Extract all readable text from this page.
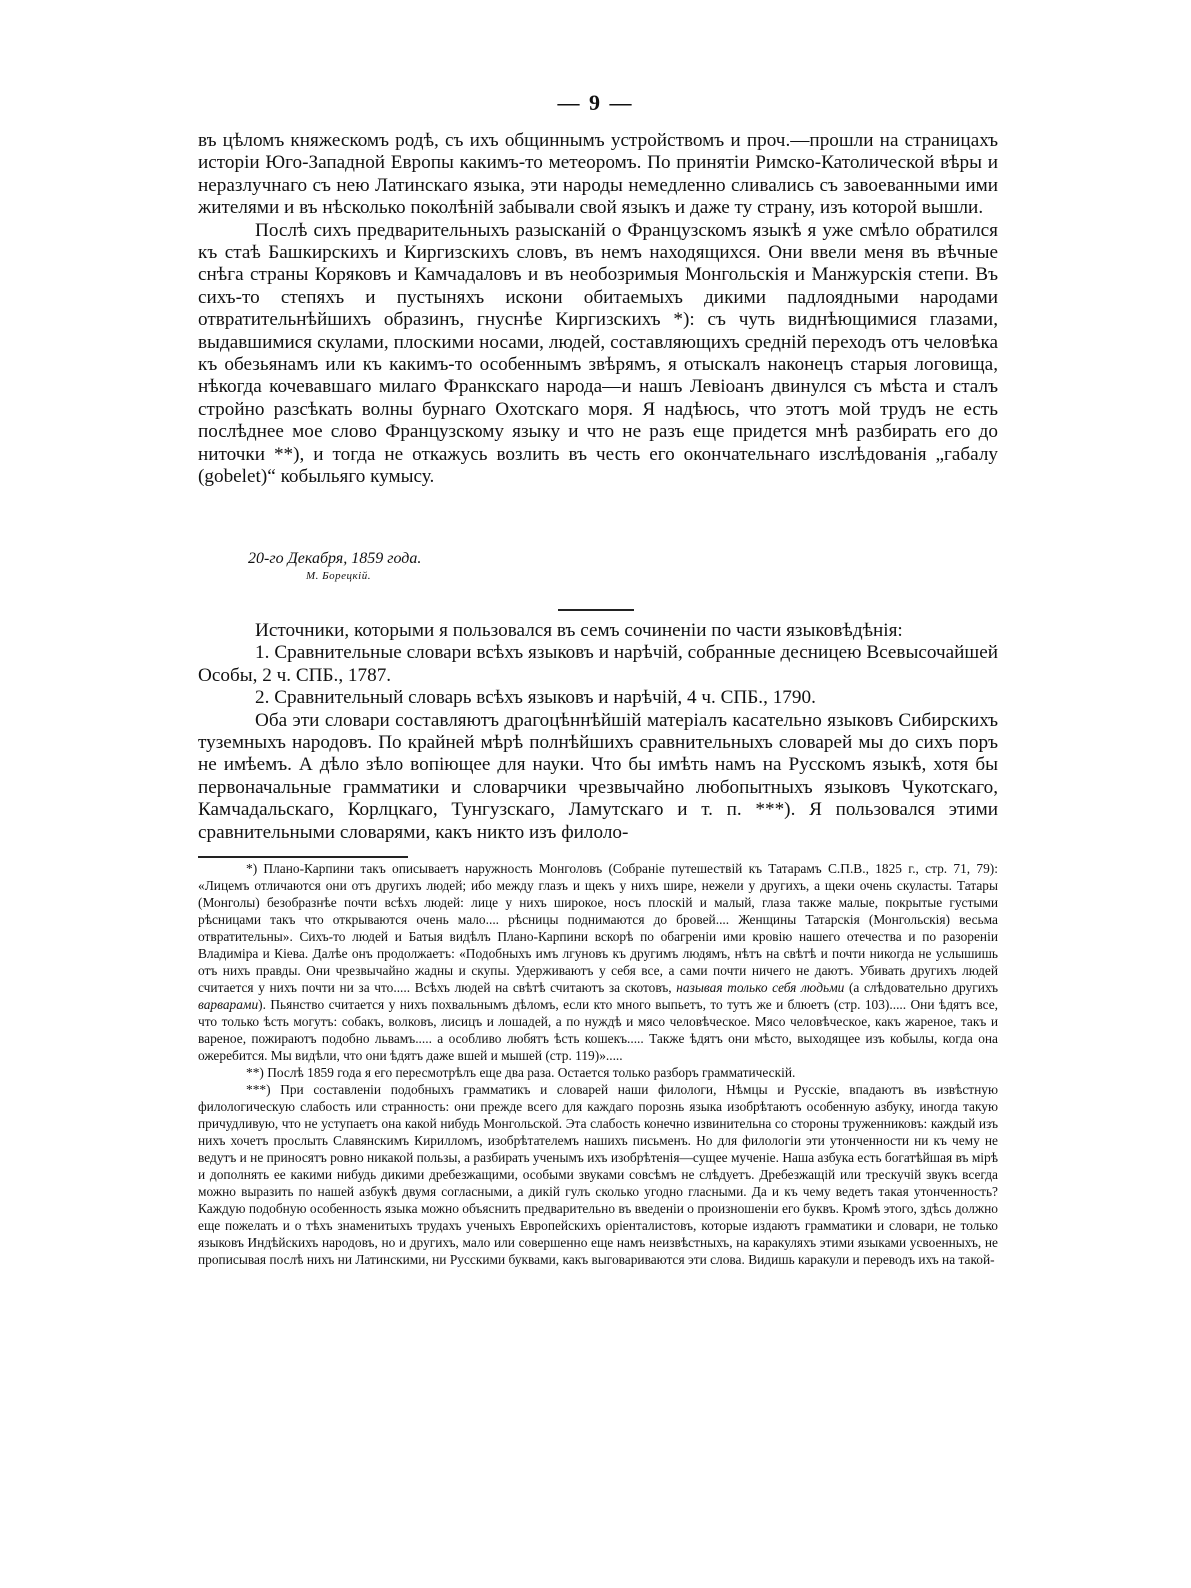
— 9 —

въ цѣломъ княжескомъ родѣ, съ ихъ общиннымъ устройствомъ и проч.—прошли на страницахъ исторіи Юго-Западной Европы какимъ-то метеоромъ. По принятіи Римско-Католической вѣры и неразлучнаго съ нею Латинскаго языка, эти народы немедленно сливались съ завоеванными ими жителями и въ нѣсколько поколѣній забывали свой языкъ и даже ту страну, изъ которой вышли.

Послѣ сихъ предварительныхъ разысканій о Французскомъ языкѣ я уже смѣло обратился къ стаѣ Башкирскихъ и Киргизскихъ словъ, въ немъ находящихся. Они ввели меня въ вѣчные снѣга страны Коряковъ и Камчадаловъ и въ необозримыя Монгольскія и Манжурскія степи. Въ сихъ-то степяхъ и пустыняхъ искони обитаемыхъ дикими падлоядными народами отвратительнѣйшихъ образинъ, гнуснѣе Киргизскихъ *): съ чуть виднѣющимися глазами, выдавшимися скулами, плоскими носами, людей, составляющихъ средній переходъ отъ человѣка къ обезьянамъ или къ какимъ-то особеннымъ звѣрямъ, я отыскалъ наконецъ старыя логовища, нѣкогда кочевавшаго милаго Франкскаго народа—и нашъ Левіоанъ двинулся съ мѣста и сталъ стройно разсѣкать волны бурнаго Охотскаго моря. Я надѣюсь, что этотъ мой трудъ не есть послѣднее мое слово Французскому языку и что не разъ еще придется мнѣ разбирать его до ниточки **), и тогда не откажусь возлить въ честь его окончательнаго изслѣдованія „габалу (gobelet)“ кобыльяго кумысу.

20-го Декабря, 1859 года.
М. Борецкій.

Источники, которыми я пользовался въ семъ сочиненіи по части языковѣдѣнія:

1. Сравнительные словари всѣхъ языковъ и нарѣчій, собранные десницею Всевысочайшей Особы, 2 ч. СПБ., 1787.

2. Сравнительный словарь всѣхъ языковъ и нарѣчій, 4 ч. СПБ., 1790.

Оба эти словари составляютъ драгоцѣннѣйшій матеріалъ касательно языковъ Сибирскихъ туземныхъ народовъ. По крайней мѣрѣ полнѣйшихъ сравнительныхъ словарей мы до сихъ поръ не имѣемъ. А дѣло зѣло вопіющее для науки. Что бы имѣть намъ на Русскомъ языкѣ, хотя бы первоначальные грамматики и словарчики чрезвычайно любопытныхъ языковъ Чукотскаго, Камчадальскаго, Корлцкаго, Тунгузскаго, Ламутскаго и т. п. ***). Я пользовался этими сравнительными словарями, какъ никто изъ филоло-

*) Плано-Карпини такъ описываетъ наружность Монголовъ (Собраніе путешествій къ Татарамъ С.П.В., 1825 г., стр. 71, 79): «Лицемъ отличаются они отъ другихъ людей; ибо между глазъ и щекъ у нихъ шире, нежели у другихъ, а щеки очень скуласты. Татары (Монголы) безобразнѣе почти всѣхъ людей: лице у нихъ широкое, носъ плоскій и малый, глаза также малые, покрытые густыми рѣсницами такъ что открываются очень мало.... рѣсницы поднимаются до бровей.... Женщины Татарскія (Монгольскія) весьма отвратительны». Сихъ-то людей и Батыя видѣлъ Плано-Карпини вскорѣ по обагреніи ими кровію нашего отечества и по разореніи Владиміра и Кіева. Далѣе онъ продолжаетъ: «Подобныхъ имъ лгуновъ къ другимъ людямъ, нѣтъ на свѣтѣ и почти никогда не услышишь отъ нихъ правды. Они чрезвычайно жадны и скупы. Удерживаютъ у себя все, а сами почти ничего не даютъ. Убивать другихъ людей считается у нихъ почти ни за что..... Всѣхъ людей на свѣтѣ считаютъ за скотовъ, называя только себя людьми (а слѣдовательно другихъ варварами). Пьянство считается у нихъ похвальнымъ дѣломъ, если кто много выпьетъ, то тутъ же и блюетъ (стр. 103)..... Они ѣдятъ все, что только ѣсть могутъ: собакъ, волковъ, лисицъ и лошадей, а по нуждѣ и мясо человѣческое. Мясо человѣческое, какъ жареное, такъ и вареное, пожираютъ подобно львамъ..... а особливо любятъ ѣсть кошекъ..... Также ѣдятъ они мѣсто, выходящее изъ кобылы, когда она ожеребится. Мы видѣли, что они ѣдятъ даже вшей и мышей (стр. 119)».....

**) Послѣ 1859 года я его пересмотрѣлъ еще два раза. Остается только разборъ грамматическій.

***) При составленіи подобныхъ грамматикъ и словарей наши филологи, Нѣмцы и Русскіе, впадаютъ въ извѣстную филологическую слабость или странность: они прежде всего для каждаго порознь языка изобрѣтаютъ особенную азбуку, иногда такую причудливую, что не уступаетъ она какой нибудь Монгольской. Эта слабость конечно извинительна со стороны труженниковъ: каждый изъ нихъ хочетъ прослыть Славянскимъ Кирилломъ, изобрѣтателемъ нашихъ письменъ. Но для филологіи эти утонченности ни къ чему не ведутъ и не приносятъ ровно никакой пользы, а разбирать ученымъ ихъ изобрѣтенія—сущее мученіе. Наша азбука есть богатѣйшая въ мірѣ и дополнять ее какими нибудь дикими дребезжащими, особыми звуками совсѣмъ не слѣдуетъ. Дребезжащій или трескучій звукъ всегда можно выразить по нашей азбукѣ двумя согласными, а дикій гулъ сколько угодно гласными. Да и къ чему ведетъ такая утонченность? Каждую подобную особенность языка можно объяснить предварительно въ введеніи о произношеніи его буквъ. Кромѣ этого, здѣсь должно еще пожелать и о тѣхъ знаменитыхъ трудахъ ученыхъ Европейскихъ оріенталистовъ, которые издаютъ грамматики и словари, не только языковъ Индѣйскихъ народовъ, но и другихъ, мало или совершенно еще намъ неизвѣстныхъ, на каракуляхъ этими языками усвоенныхъ, не прописывая послѣ нихъ ни Латинскими, ни Русскими буквами, какъ выговариваются эти слова. Видишь каракули и переводъ ихъ на такой-
